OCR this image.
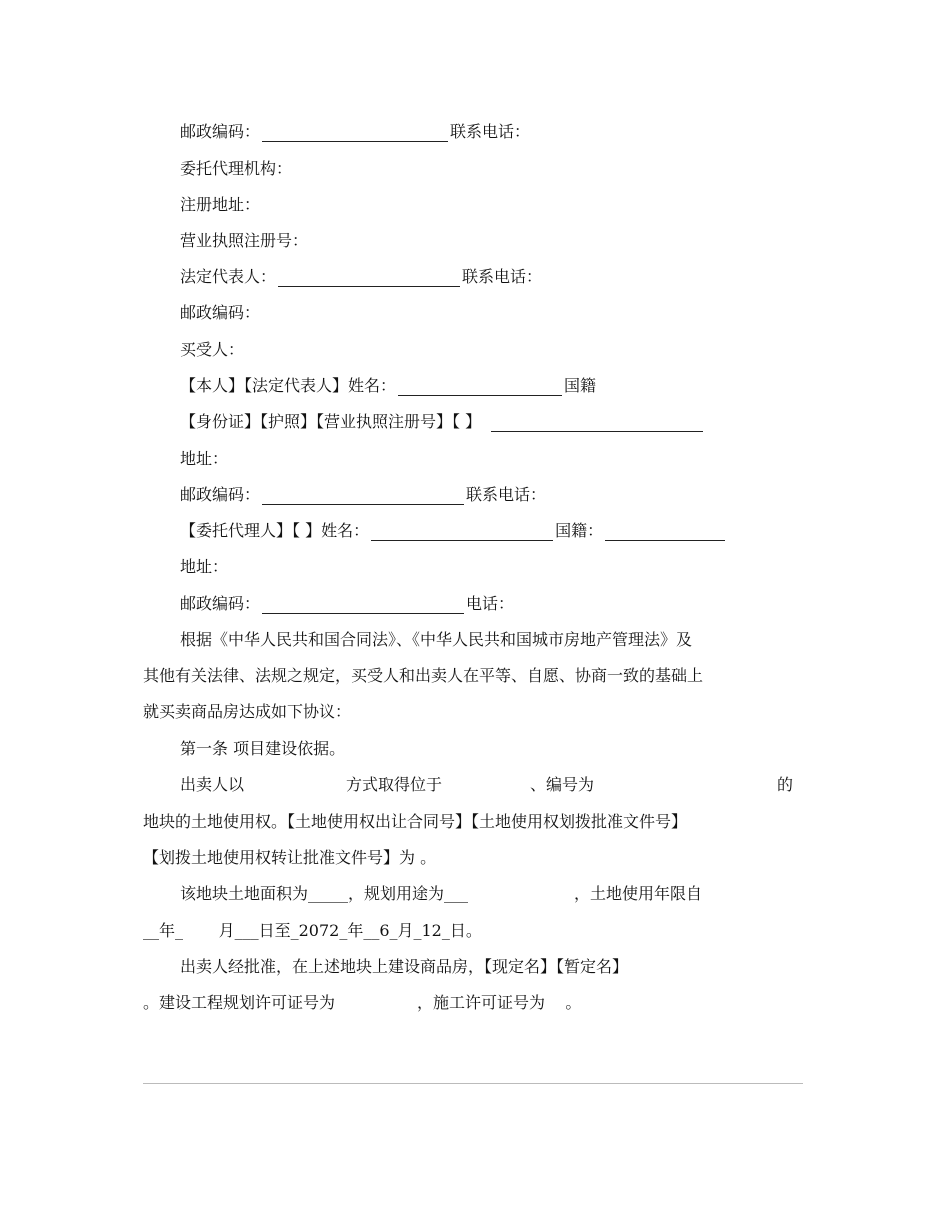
邮政编码：	联系电话：
委托代理机构：
注册地址：
营业执照注册号：
法定代表人：	联系电话：
邮政编码：
买受人：
【本人】【法定代表人】姓名：	国籍
【身份证】【护照】【营业执照注册号】【 】
地址：
邮政编码：	联系电话：
【委托代理人】【 】姓名：	国籍：
地址：
邮政编码：	电话：
根据《中华人民共和国合同法》、《中华人民共和国城市房地产管理法》及
其他有关法律、法规之规定，买受人和出卖人在平等、自愿、协商一致的基础上
就买卖商品房达成如下协议：
第一条 项目建设依据。
出卖人以	方式取得位于	、编号为	的
地块的土地使用权。【土地使用权出让合同号】【土地使用权划拨批准文件号】
【划拨土地使用权转让批准文件号】为 。
该地块土地面积为_____，规划用途为___	，土地使用年限自
__年_       月___日至_2072_年__6_月_12_日。
出卖人经批准，在上述地块上建设商品房，【现定名】【暂定名】
。建设工程规划许可证号为	，施工许可证号为    。
